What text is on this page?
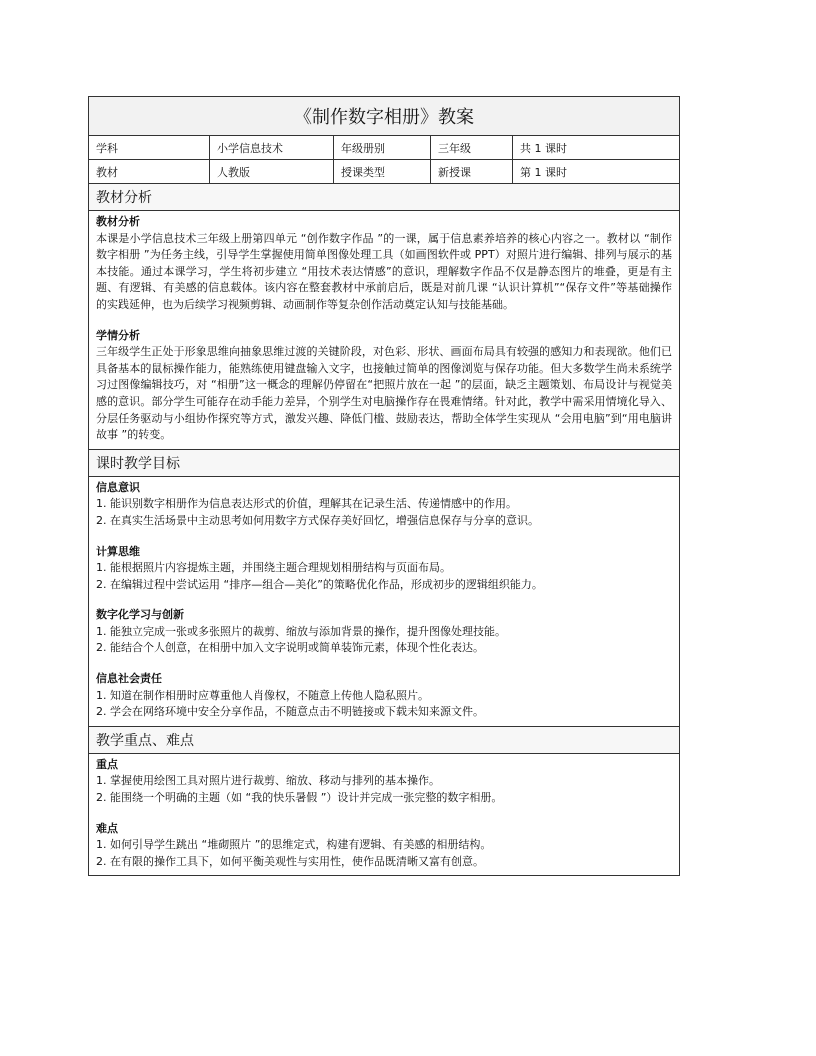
《制作数字相册》教案
学科	小学信息技术	年级册别	三年级	共 1 课时
教材	人教版	授课类型	新授课	第 1 课时
教材分析
教材分析

本课是小学信息技术三年级上册第四单元 “创作数字作品 ”的一课，属于信息素养培养的核心内容之一。教材以 “制作数字相册 ”为任务主线，引导学生掌握使用简单图像处理工具（如画图软件或 PPT）对照片进行编辑、排列与展示的基本技能。通过本课学习，学生将初步建立 “用技术表达情感”的意识，理解数字作品不仅是静态图片的堆叠，更是有主题、有逻辑、有美感的信息载体。该内容在整套教材中承前启后，既是对前几课 “认识计算机”“保存文件”等基础操作的实践延伸，也为后续学习视频剪辑、动画制作等复杂创作活动奠定认知与技能基础。

学情分析

三年级学生正处于形象思维向抽象思维过渡的关键阶段，对色彩、形状、画面布局具有较强的感知力和表现欲。他们已具备基本的鼠标操作能力，能熟练使用键盘输入文字，也接触过简单的图像浏览与保存功能。但大多数学生尚未系统学习过图像编辑技巧，对 “相册”这一概念的理解仍停留在“把照片放在一起 ”的层面，缺乏主题策划、布局设计与视觉美感的意识。部分学生可能存在动手能力差异，个别学生对电脑操作存在畏难情绪。针对此，教学中需采用情境化导入、分层任务驱动与小组协作探究等方式，激发兴趣、降低门槛、鼓励表达，帮助全体学生实现从 “会用电脑”到“用电脑讲故事 ”的转变。

课时教学目标
信息意识
1. 能识别数字相册作为信息表达形式的价值，理解其在记录生活、传递情感中的作用。
2. 在真实生活场景中主动思考如何用数字方式保存美好回忆，增强信息保存与分享的意识。
计算思维
1. 能根据照片内容提炼主题，并围绕主题合理规划相册结构与页面布局。
2. 在编辑过程中尝试运用 “排序—组合—美化”的策略优化作品，形成初步的逻辑组织能力。
数字化学习与创新
1. 能独立完成一张或多张照片的裁剪、缩放与添加背景的操作，提升图像处理技能。
2. 能结合个人创意，在相册中加入文字说明或简单装饰元素，体现个性化表达。
信息社会责任
1. 知道在制作相册时应尊重他人肖像权，不随意上传他人隐私照片。
2. 学会在网络环境中安全分享作品，不随意点击不明链接或下载未知来源文件。
教学重点、难点
重点
1. 掌握使用绘图工具对照片进行裁剪、缩放、移动与排列的基本操作。
2. 能围绕一个明确的主题（如 “我的快乐暑假 ”）设计并完成一张完整的数字相册。
难点
1. 如何引导学生跳出 “堆砌照片 ”的思维定式，构建有逻辑、有美感的相册结构。
2. 在有限的操作工具下，如何平衡美观性与实用性，使作品既清晰又富有创意。
